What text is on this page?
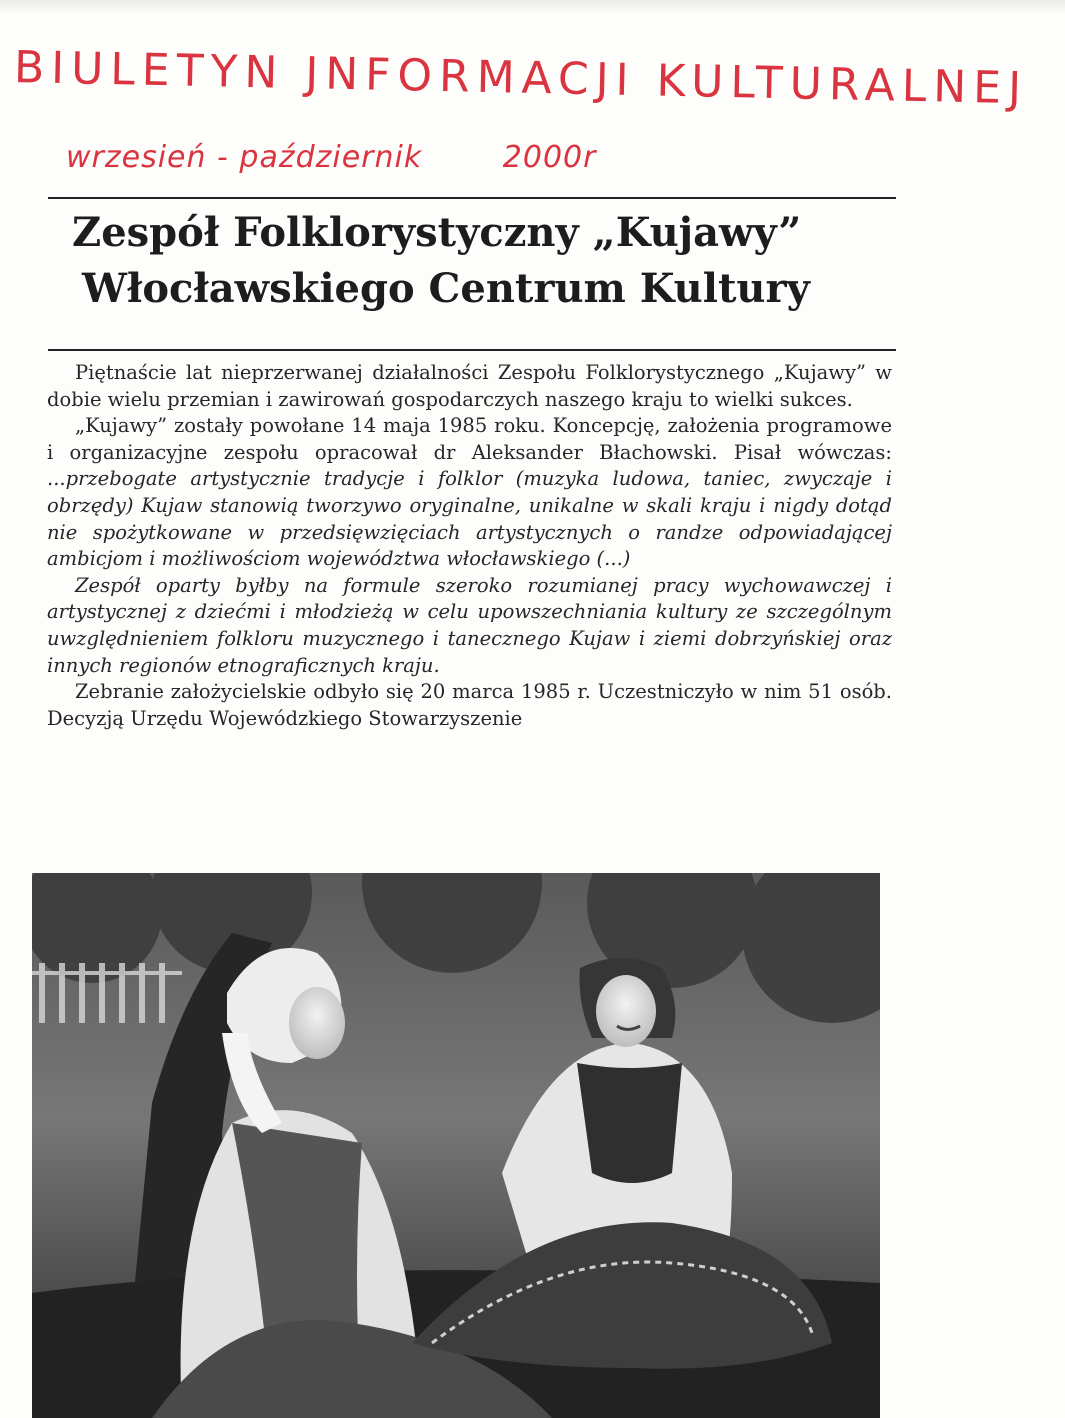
BIULETYN JNFORMACJI KULTURALNEJ
wrzesień - październik	2000r
Zespół Folklorystyczny „Kujawy”
Włocławskiego Centrum Kultury

Piętnaście lat nieprzerwanej działalności Zespołu Folklorystycznego „Kujawy” w dobie wielu przemian i zawirowań gospodarczych naszego kraju to wielki sukces.

„Kujawy” zostały powołane 14 maja 1985 roku. Koncepcję, założenia programowe i organizacyjne zespołu opracował dr Aleksander Błachowski. Pisał wówczas: ...przebogate artystycznie tradycje i folklor (muzyka ludowa, taniec, zwyczaje i obrzędy) Kujaw stanowią tworzywo oryginalne, unikalne w skali kraju i nigdy dotąd nie spożytkowane w przedsięwzięciach artystycznych o randze odpowiadającej ambicjom i możliwościom województwa włocławskiego (...)

Zespół oparty byłby na formule szeroko rozumianej pracy wychowawczej i artystycznej z dziećmi i młodzieżą w celu upowszechniania kultury ze szczególnym uwzględnieniem folkloru muzycznego i tanecznego Kujaw i ziemi dobrzyńskiej oraz innych regionów etnograficznych kraju.

Zebranie założycielskie odbyło się 20 marca 1985 r. Uczestniczyło w nim 51 osób. Decyzją Urzędu Wojewódzkiego Stowarzyszenie
